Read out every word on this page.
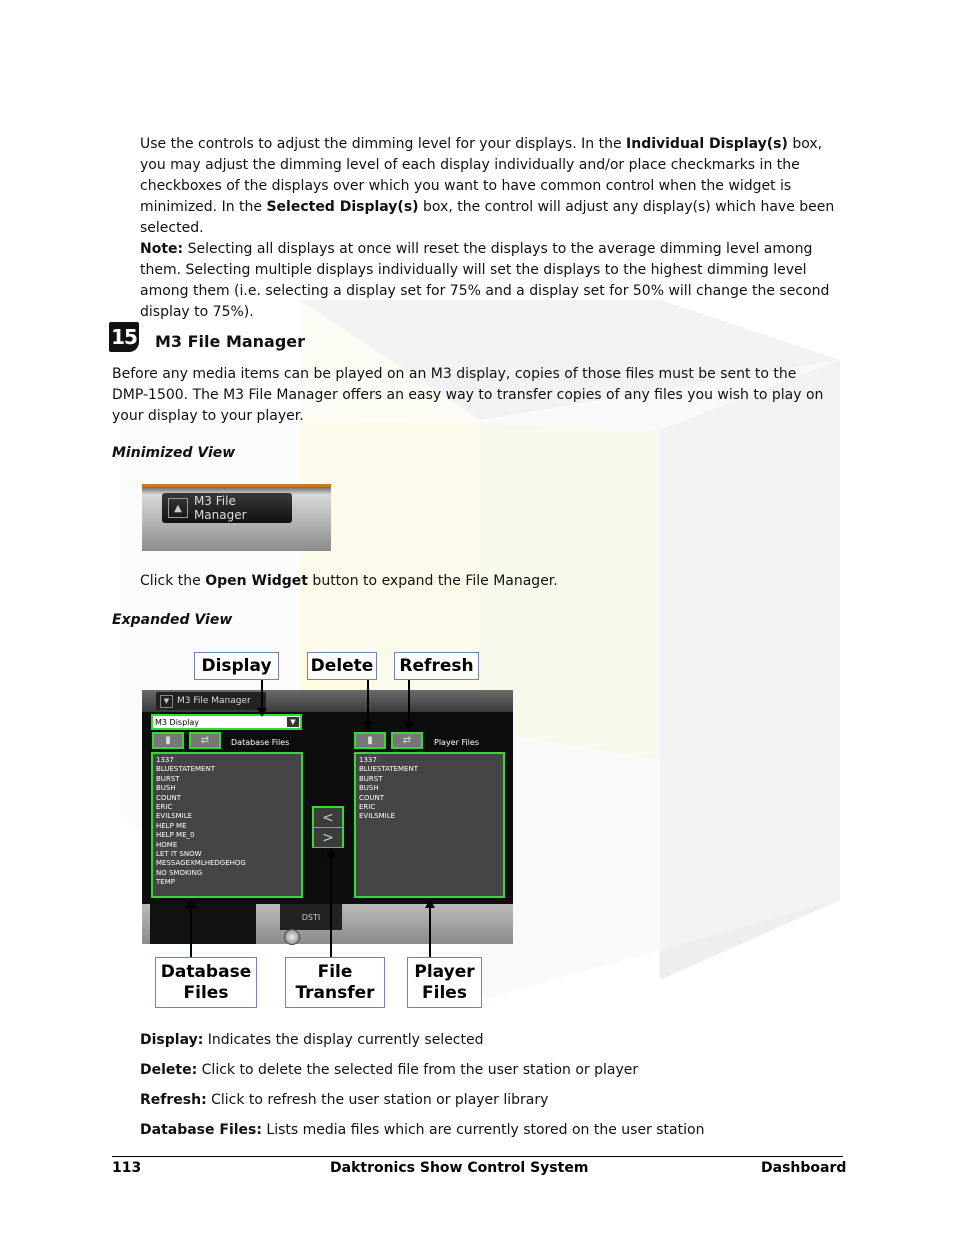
Use the controls to adjust the dimming level for your displays. In the Individual Display(s) box, you may adjust the dimming level of each display individually and/or place checkmarks in the checkboxes of the displays over which you want to have common control when the widget is minimized. In the Selected Display(s) box, the control will adjust any display(s) which have been selected.

Note: Selecting all displays at once will reset the displays to the average dimming level among them. Selecting multiple displays individually will set the displays to the highest dimming level among them (i.e. selecting a display set for 75% and a display set for 50% will change the second display to 75%).

15 M3 File Manager

Before any media items can be played on an M3 display, copies of those files must be sent to the DMP-1500. The M3 File Manager offers an easy way to transfer copies of any files you wish to play on your display to your player.

Minimized View
▲	M3 File Manager

Click the Open Widget button to expand the File Manager.

Expanded View
▼ M3 File Manager
M3 Display	▼
▮	⇄	Database Files	▮	⇄	Player Files
1337
BLUESTATEMENT
BURST
BUSH
COUNT
ERIC
EVILSMILE
HELP ME
HELP ME_0
HOME
LET IT SNOW
MESSAGEXMLHEDGEHOG
NO SMOKING
TEMP
1337
BLUESTATEMENT
BURST
BUSH
COUNT
ERIC
EVILSMILE
<
>
DSTI
Display	Delete	Refresh
Database
Files
File
Transfer
Player
Files

Display: Indicates the display currently selected

Delete: Click to delete the selected file from the user station or player

Refresh: Click to refresh the user station or player library

Database Files: Lists media files which are currently stored on the user station

113	Daktronics Show Control System	Dashboard
